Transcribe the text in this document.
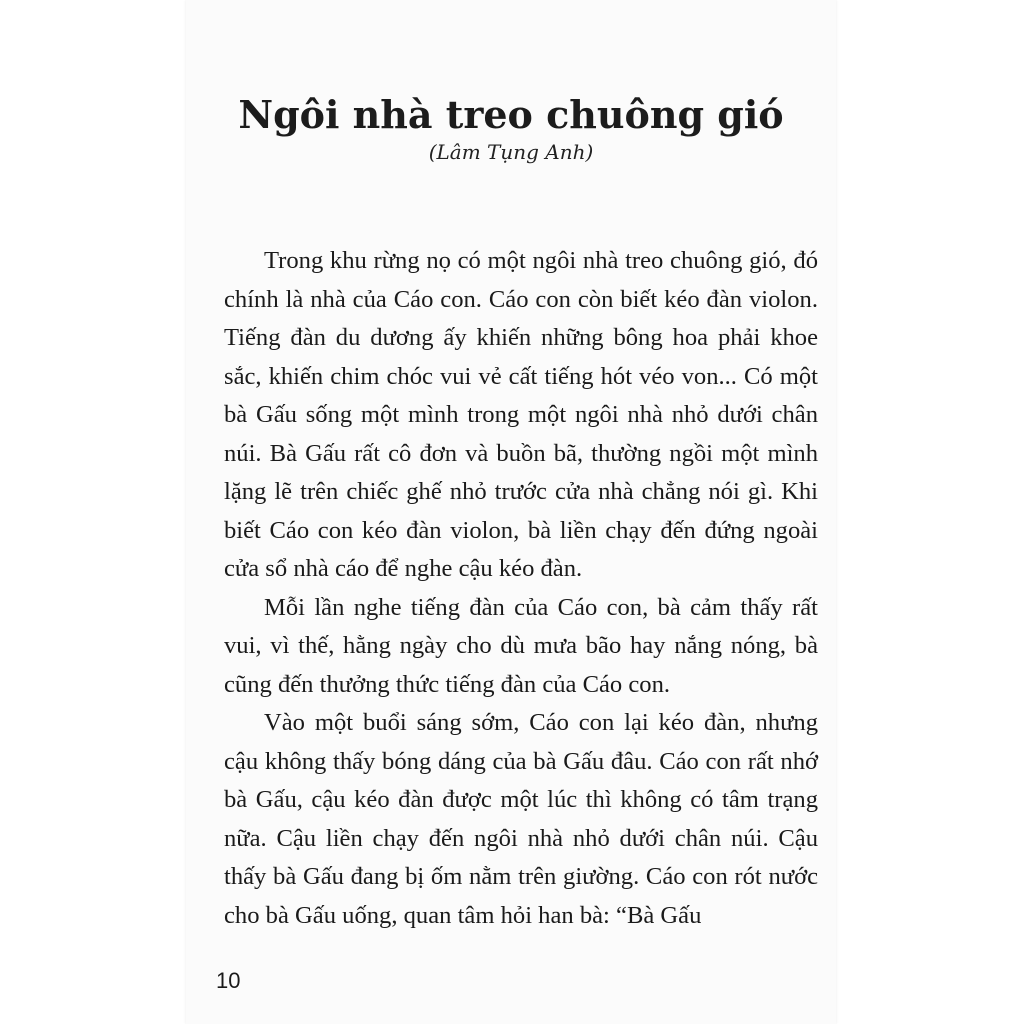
Ngôi nhà treo chuông gió

(Lâm Tụng Anh)

Trong khu rừng nọ có một ngôi nhà treo chuông gió, đó chính là nhà của Cáo con. Cáo con còn biết kéo đàn violon. Tiếng đàn du dương ấy khiến những bông hoa phải khoe sắc, khiến chim chóc vui vẻ cất tiếng hót véo von... Có một bà Gấu sống một mình trong một ngôi nhà nhỏ dưới chân núi. Bà Gấu rất cô đơn và buồn bã, thường ngồi một mình lặng lẽ trên chiếc ghế nhỏ trước cửa nhà chẳng nói gì. Khi biết Cáo con kéo đàn violon, bà liền chạy đến đứng ngoài cửa sổ nhà cáo để nghe cậu kéo đàn.

Mỗi lần nghe tiếng đàn của Cáo con, bà cảm thấy rất vui, vì thế, hằng ngày cho dù mưa bão hay nắng nóng, bà cũng đến thưởng thức tiếng đàn của Cáo con.

Vào một buổi sáng sớm, Cáo con lại kéo đàn, nhưng cậu không thấy bóng dáng của bà Gấu đâu. Cáo con rất nhớ bà Gấu, cậu kéo đàn được một lúc thì không có tâm trạng nữa. Cậu liền chạy đến ngôi nhà nhỏ dưới chân núi. Cậu thấy bà Gấu đang bị ốm nằm trên giường. Cáo con rót nước cho bà Gấu uống, quan tâm hỏi han bà: “Bà Gấu

10
